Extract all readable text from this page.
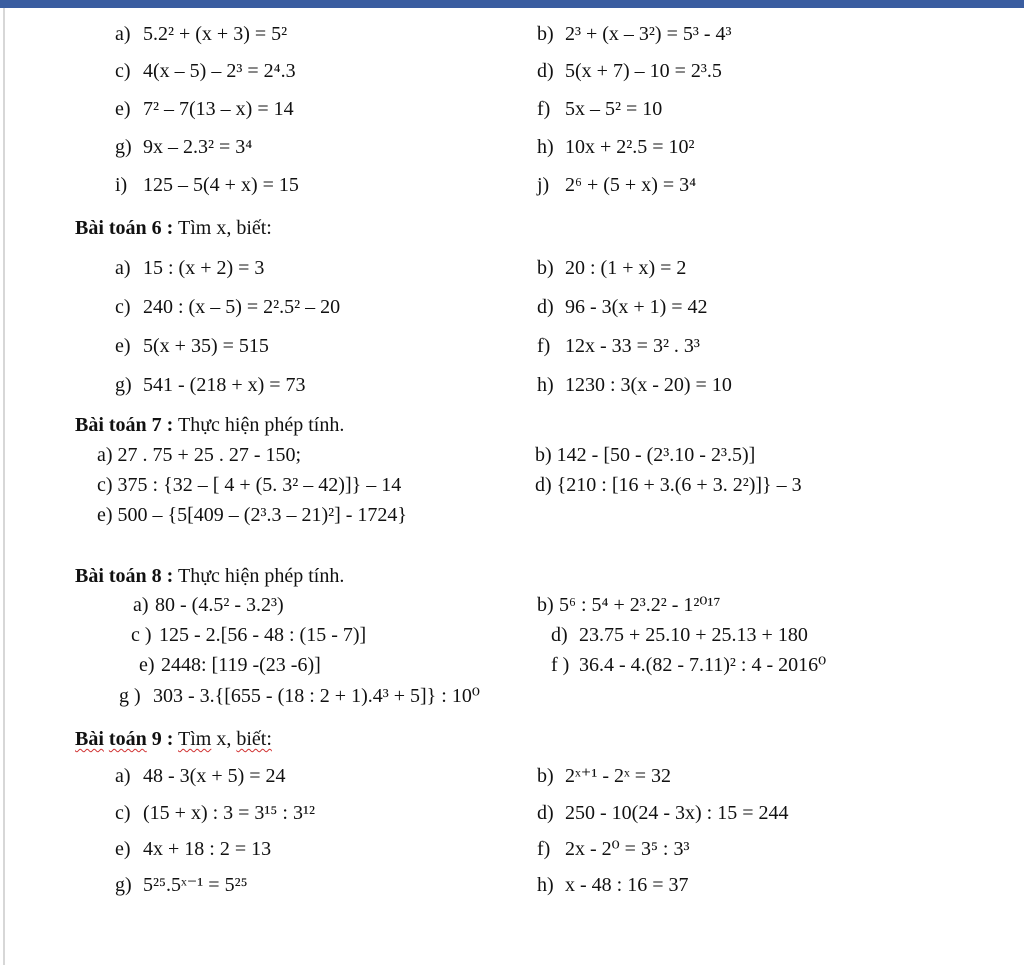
a) 5.2² + (x + 3) = 5²	b) 2³ + (x – 3²) = 5³ - 4³
c) 4(x – 5) – 2³ = 2⁴.3	d) 5(x + 7) – 10 = 2³.5
e) 7² – 7(13 – x) = 14	f) 5x – 5² = 10
g) 9x – 2.3² = 3⁴	h) 10x + 2².5 = 10²
i) 125 – 5(4 + x) = 15	j) 2⁶ + (5 + x) = 3⁴
Bài toán 6 : Tìm x, biết:
a) 15 : (x + 2) = 3	b) 20 : (1 + x) = 2
c) 240 : (x – 5) = 2².5² – 20	d) 96 - 3(x + 1) = 42
e) 5(x + 35) = 515	f) 12x - 33 = 3² . 3³
g) 541 - (218 + x) = 73	h) 1230 : 3(x - 20) = 10
Bài toán 7 : Thực hiện phép tính.
a) 27 . 75 + 25 . 27 - 150;	b) 142 - [50 - (2³.10 - 2³.5)]
c) 375 : {32 – [ 4 + (5. 3² – 42)]} – 14	d) {210 : [16 + 3.(6 + 3. 2²)]} – 3
e) 500 – {5[409 – (2³.3 – 21)²] - 1724}
Bài toán 8 : Thực hiện phép tính.
a) 80 - (4.5² - 3.2³)	b) 5⁶ : 5⁴ + 2³.2² - 1²⁰¹⁷
c ) 125 - 2.[56 - 48 : (15 - 7)]	d) 23.75 + 25.10 + 25.13 + 180
e) 2448: [119 -(23 -6)]	f ) 36.4 - 4.(82 - 7.11)² : 4 - 2016⁰
g ) 303 - 3.{[655 - (18 : 2 + 1).4³ + 5]} : 10⁰
Bài toán 9 : Tìm x, biết:
a) 48 - 3(x + 5) = 24	b) 2ˣ⁺¹ - 2ˣ = 32
c) (15 + x) : 3 = 3¹⁵ : 3¹²	d) 250 - 10(24 - 3x) : 15 = 244
e) 4x + 18 : 2 = 13	f) 2x - 2⁰ = 3⁵ : 3³
g) 5²⁵.5ˣ⁻¹ = 5²⁵	h) x - 48 : 16 = 37
